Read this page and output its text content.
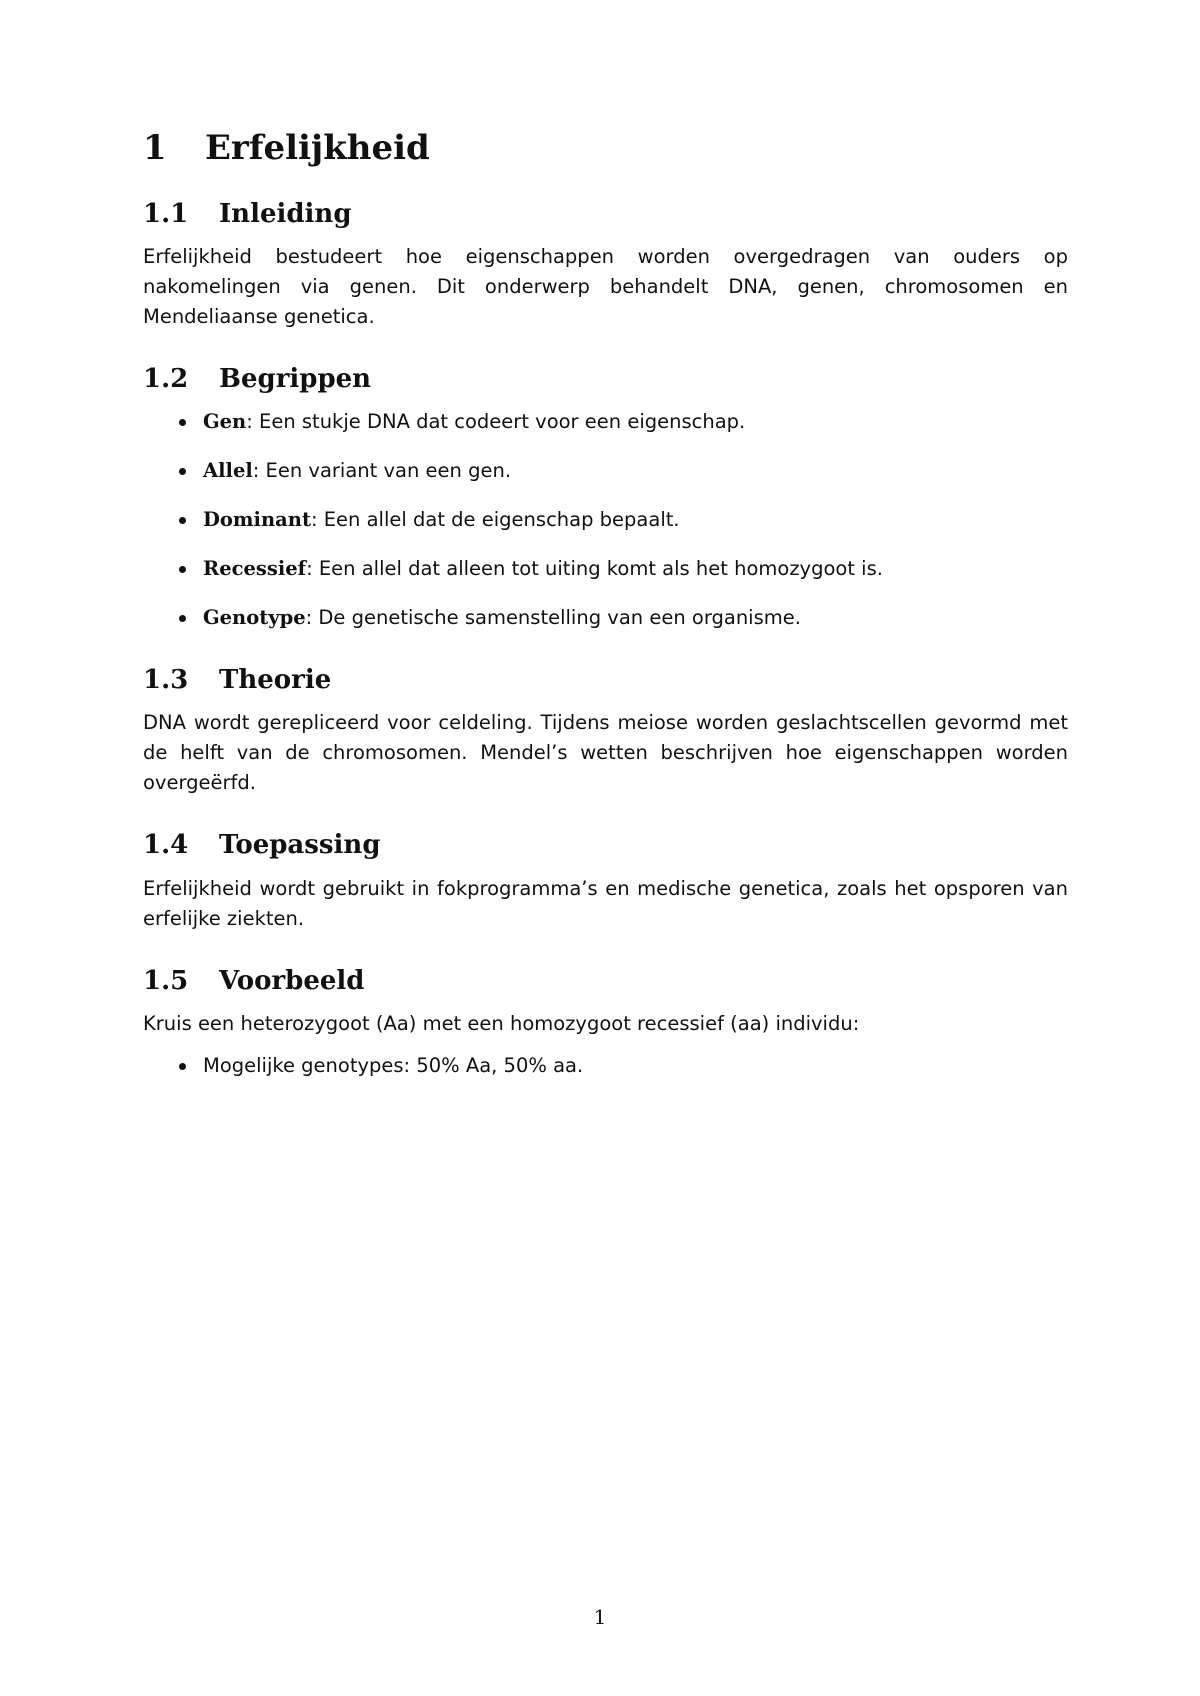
1 Erfelijkheid
1.1 Inleiding

Erfelijkheid bestudeert hoe eigenschappen worden overgedragen van ouders op nakomelingen via genen. Dit onderwerp behandelt DNA, genen, chromosomen en Mendeliaanse genetica.

1.2 Begrippen
Gen: Een stukje DNA dat codeert voor een eigenschap.
Allel: Een variant van een gen.
Dominant: Een allel dat de eigenschap bepaalt.
Recessief: Een allel dat alleen tot uiting komt als het homozygoot is.
Genotype: De genetische samenstelling van een organisme.
1.3 Theorie

DNA wordt gerepliceerd voor celdeling. Tijdens meiose worden geslachtscellen gevormd met de helft van de chromosomen. Mendel’s wetten beschrijven hoe eigenschappen worden overgeërfd.

1.4 Toepassing

Erfelijkheid wordt gebruikt in fokprogramma’s en medische genetica, zoals het opsporen van erfelijke ziekten.

1.5 Voorbeeld

Kruis een heterozygoot (Aa) met een homozygoot recessief (aa) individu:

Mogelijke genotypes: 50% Aa, 50% aa.
1
